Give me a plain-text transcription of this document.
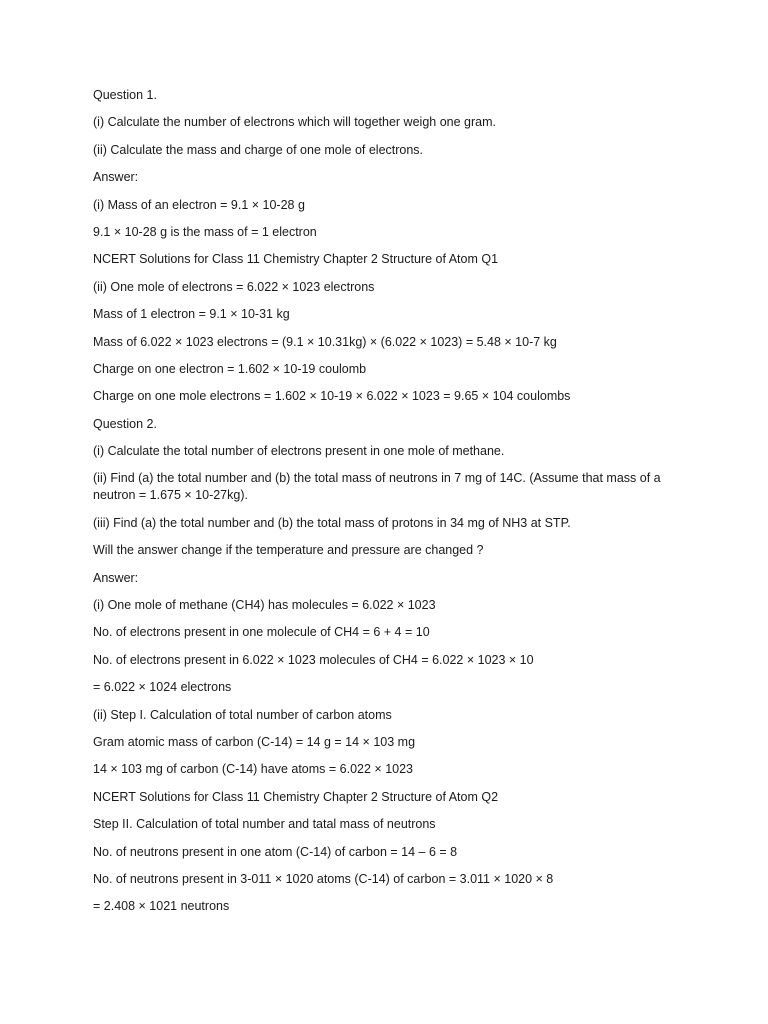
Question 1.

(i) Calculate the number of electrons which will together weigh one gram.

(ii) Calculate the mass and charge of one mole of electrons.

Answer:

(i) Mass of an electron = 9.1 × 10-28 g

9.1 × 10-28 g is the mass of = 1 electron

NCERT Solutions for Class 11 Chemistry Chapter 2 Structure of Atom Q1

(ii) One mole of electrons = 6.022 × 1023 electrons

Mass of 1 electron = 9.1 × 10-31 kg

Mass of 6.022 × 1023 electrons = (9.1 × 10.31kg) × (6.022 × 1023) = 5.48 × 10-7 kg

Charge on one electron = 1.602 × 10-19 coulomb

Charge on one mole electrons = 1.602 × 10-19 × 6.022 × 1023 = 9.65 × 104 coulombs

Question 2.

(i) Calculate the total number of electrons present in one mole of methane.

(ii) Find (a) the total number and (b) the total mass of neutrons in 7 mg of 14C. (Assume that mass of a neutron = 1.675 × 10-27kg).

(iii) Find (a) the total number and (b) the total mass of protons in 34 mg of NH3 at STP.

Will the answer change if the temperature and pressure are changed ?

Answer:

(i) One mole of methane (CH4) has molecules = 6.022 × 1023

No. of electrons present in one molecule of CH4 = 6 + 4 = 10

No. of electrons present in 6.022 × 1023 molecules of CH4 = 6.022 × 1023 × 10

= 6.022 × 1024 electrons

(ii) Step I. Calculation of total number of carbon atoms

Gram atomic mass of carbon (C-14) = 14 g = 14 × 103 mg

14 × 103 mg of carbon (C-14) have atoms = 6.022 × 1023

NCERT Solutions for Class 11 Chemistry Chapter 2 Structure of Atom Q2

Step II. Calculation of total number and tatal mass of neutrons

No. of neutrons present in one atom (C-14) of carbon = 14 – 6 = 8

No. of neutrons present in 3-011 × 1020 atoms (C-14) of carbon = 3.011 × 1020 × 8

= 2.408 × 1021 neutrons
